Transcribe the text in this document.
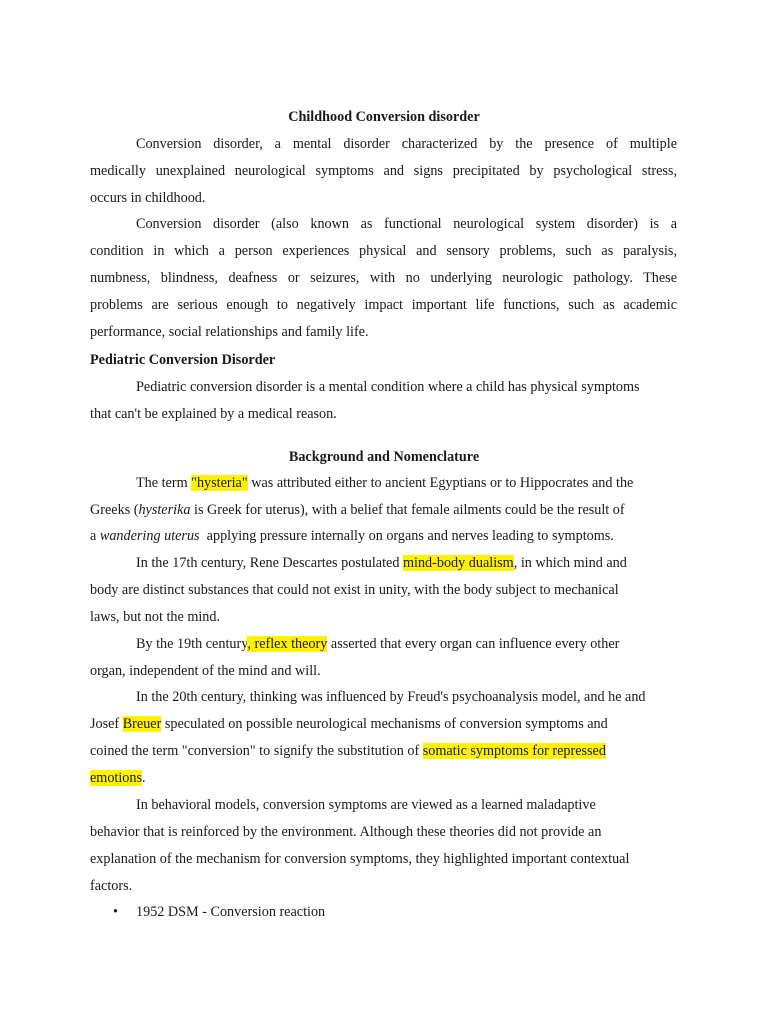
Childhood Conversion disorder
Conversion disorder, a mental disorder characterized by the presence of multiple
medically unexplained neurological symptoms and signs precipitated by psychological stress,
occurs in childhood.
Conversion disorder (also known as functional neurological system disorder) is a
condition in which a person experiences physical and sensory problems, such as paralysis,
numbness, blindness, deafness or seizures, with no underlying neurologic pathology. These
problems are serious enough to negatively impact important life functions, such as academic
performance, social relationships and family life.
Pediatric Conversion Disorder
Pediatric conversion disorder is a mental condition where a child has physical symptoms
that can't be explained by a medical reason.
Background and Nomenclature
The term "hysteria" was attributed either to ancient Egyptians or to Hippocrates and the
Greeks (hysterika is Greek for uterus), with a belief that female ailments could be the result of
a wandering uterus  applying pressure internally on organs and nerves leading to symptoms.
In the 17th century, Rene Descartes postulated mind-body dualism, in which mind and
body are distinct substances that could not exist in unity, with the body subject to mechanical
laws, but not the mind.
By the 19th century, reflex theory asserted that every organ can influence every other
organ, independent of the mind and will.
In the 20th century, thinking was influenced by Freud's psychoanalysis model, and he and
Josef Breuer speculated on possible neurological mechanisms of conversion symptoms and
coined the term "conversion" to signify the substitution of somatic symptoms for repressed
emotions.
In behavioral models, conversion symptoms are viewed as a learned maladaptive
behavior that is reinforced by the environment. Although these theories did not provide an
explanation of the mechanism for conversion symptoms, they highlighted important contextual
factors.
• 1952 DSM - Conversion reaction
